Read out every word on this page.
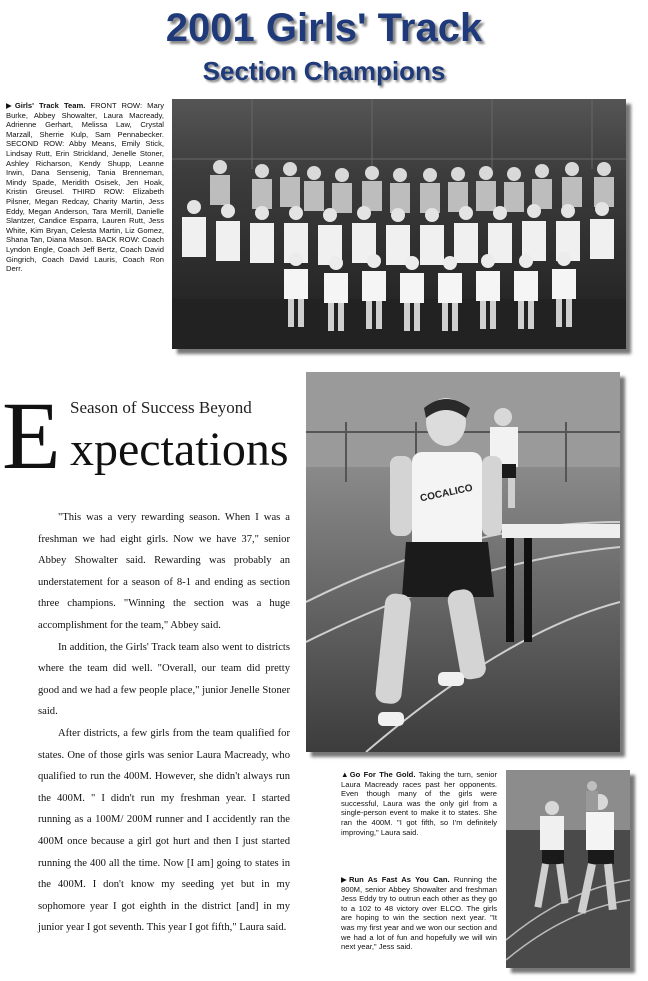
2001 Girls' Track
Section Champions
▶Girls' Track Team. FRONT ROW: Mary Burke, Abbey Showalter, Laura Macready, Adrienne Gerhart, Melissa Law, Crystal Marzall, Sherrie Kulp, Sam Pennabecker. SECOND ROW: Abby Means, Emily Stick, Lindsay Rutt, Erin Strickland, Jenelle Stoner, Ashley Richarson, Kendy Shupp, Leanne Irwin, Dana Sensenig, Tania Brenneman, Mindy Spade, Meridith Osisek, Jen Hoak, Kristin Greusel. THIRD ROW: Elizabeth Pilsner, Megan Redcay, Charity Martin, Jess Eddy, Megan Anderson, Tara Merrill, Danielle Slantzer, Candice Esparra, Lauren Rutt, Jess White, Kim Bryan, Celesta Martin, Liz Gomez, Shana Tan, Diana Mason. BACK ROW: Coach Lyndon Engle, Coach Jeff Bertz, Coach David Gingrich, Coach David Lauris, Coach Ron Derr.
Season of Success Beyond
E xpectations

"This was a very rewarding season. When I was a freshman we had eight girls. Now we have 37," senior Abbey Showalter said. Rewarding was probably an understatement for a season of 8-1 and ending as section three champions. "Winning the section was a huge accomplishment for the team," Abbey said.

In addition, the Girls' Track team also went to districts where the team did well. "Overall, our team did pretty good and we had a few people place," junior Jenelle Stoner said.

After districts, a few girls from the team qualified for states. One of those girls was senior Laura Macready, who qualified to run the 400M. However, she didn't always run the 400M. " I didn't run my freshman year. I started running as a 100M/ 200M runner and I accidently ran the 400M once because a girl got hurt and then I just started running the 400 all the time. Now [I am] going to states in the 400M. I don't know my seeding yet but in my sophomore year I got eighth in the district [and] in my junior year I got seventh. This year I got fifth," Laura said.

COCALICO
▲Go For The Gold. Taking the turn, senior Laura Macready races past her opponents. Even though many of the girls were successful, Laura was the only girl from a single-person event to make it to states. She ran the 400M. "I got fifth, so I'm definitely improving," Laura said.
▶Run As Fast As You Can. Running the 800M, senior Abbey Showalter and freshman Jess Eddy try to outrun each other as they go to a 102 to 48 victory over ELCO. The girls are hoping to win the section next year. "It was my first year and we won our section and we had a lot of fun and hopefully we will win next year," Jess said.
